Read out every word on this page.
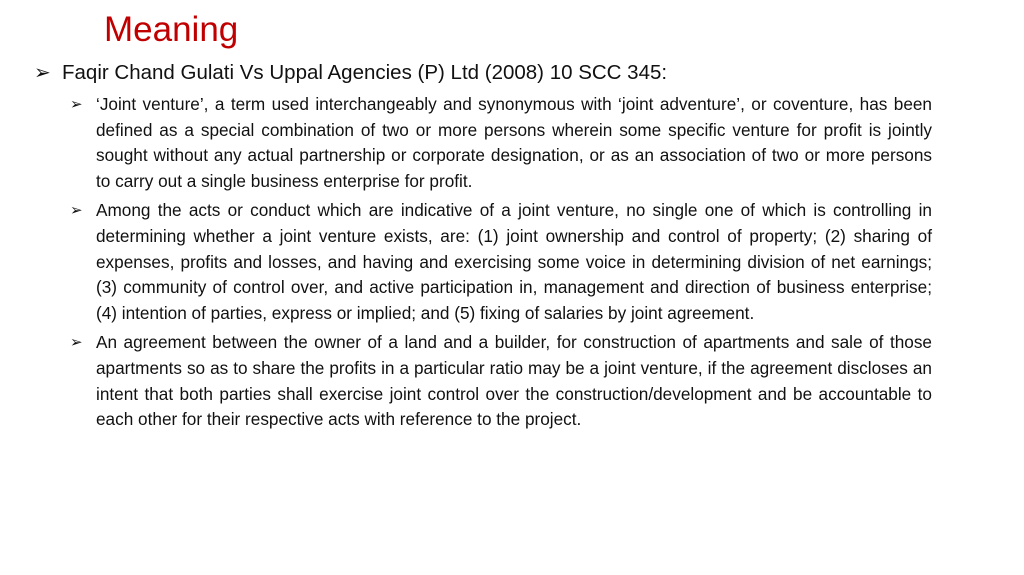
Meaning
➢ Faqir Chand Gulati Vs Uppal Agencies (P) Ltd (2008) 10 SCC 345:
➢ ‘Joint venture’, a term used interchangeably and synonymous with ‘joint adventure’, or coventure, has been defined as a special combination of two or more persons wherein some specific venture for profit is jointly sought without any actual partnership or corporate designation, or as an association of two or more persons to carry out a single business enterprise for profit.
➢ Among the acts or conduct which are indicative of a joint venture, no single one of which is controlling in determining whether a joint venture exists, are: (1) joint ownership and control of property; (2) sharing of expenses, profits and losses, and having and exercising some voice in determining division of net earnings; (3) community of control over, and active participation in, management and direction of business enterprise; (4) intention of parties, express or implied; and (5) fixing of salaries by joint agreement.
➢ An agreement between the owner of a land and a builder, for construction of apartments and sale of those apartments so as to share the profits in a particular ratio may be a joint venture, if the agreement discloses an intent that both parties shall exercise joint control over the construction/development and be accountable to each other for their respective acts with reference to the project.
